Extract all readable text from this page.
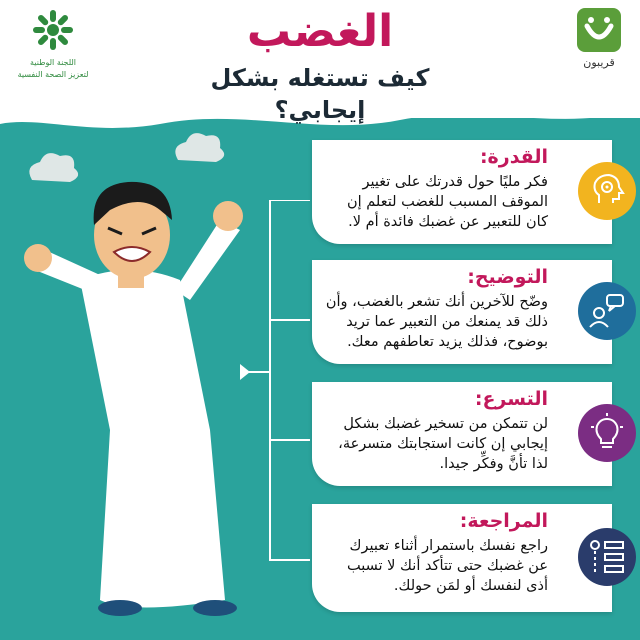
الغضب
كيف تستغله بشكل إيجابي؟
قريبون
اللجنة الوطنية
لتعزيز الصحة النفسية
القدرة:
فكر مليًا حول قدرتك على تغيير
الموقف المسبب للغضب لتعلم إن
كان للتعبير عن غضبك فائدة أم لا.
التوضيح:
وضّح للآخرين أنك تشعر بالغضب، وأن
ذلك قد يمنعك من التعبير عما تريد
بوضوح، فذلك يزيد تعاطفهم معك.
التسرع:
لن تتمكن من تسخير غضبك بشكل
إيجابي إن كانت استجابتك متسرعة،
لذا تأنَّ وفكِّر جيدا.
المراجعة:
راجع نفسك باستمرار أثناء تعبيرك
عن غضبك حتى تتأكد أنك لا تسبب
أذى لنفسك أو لمَن حولك.
